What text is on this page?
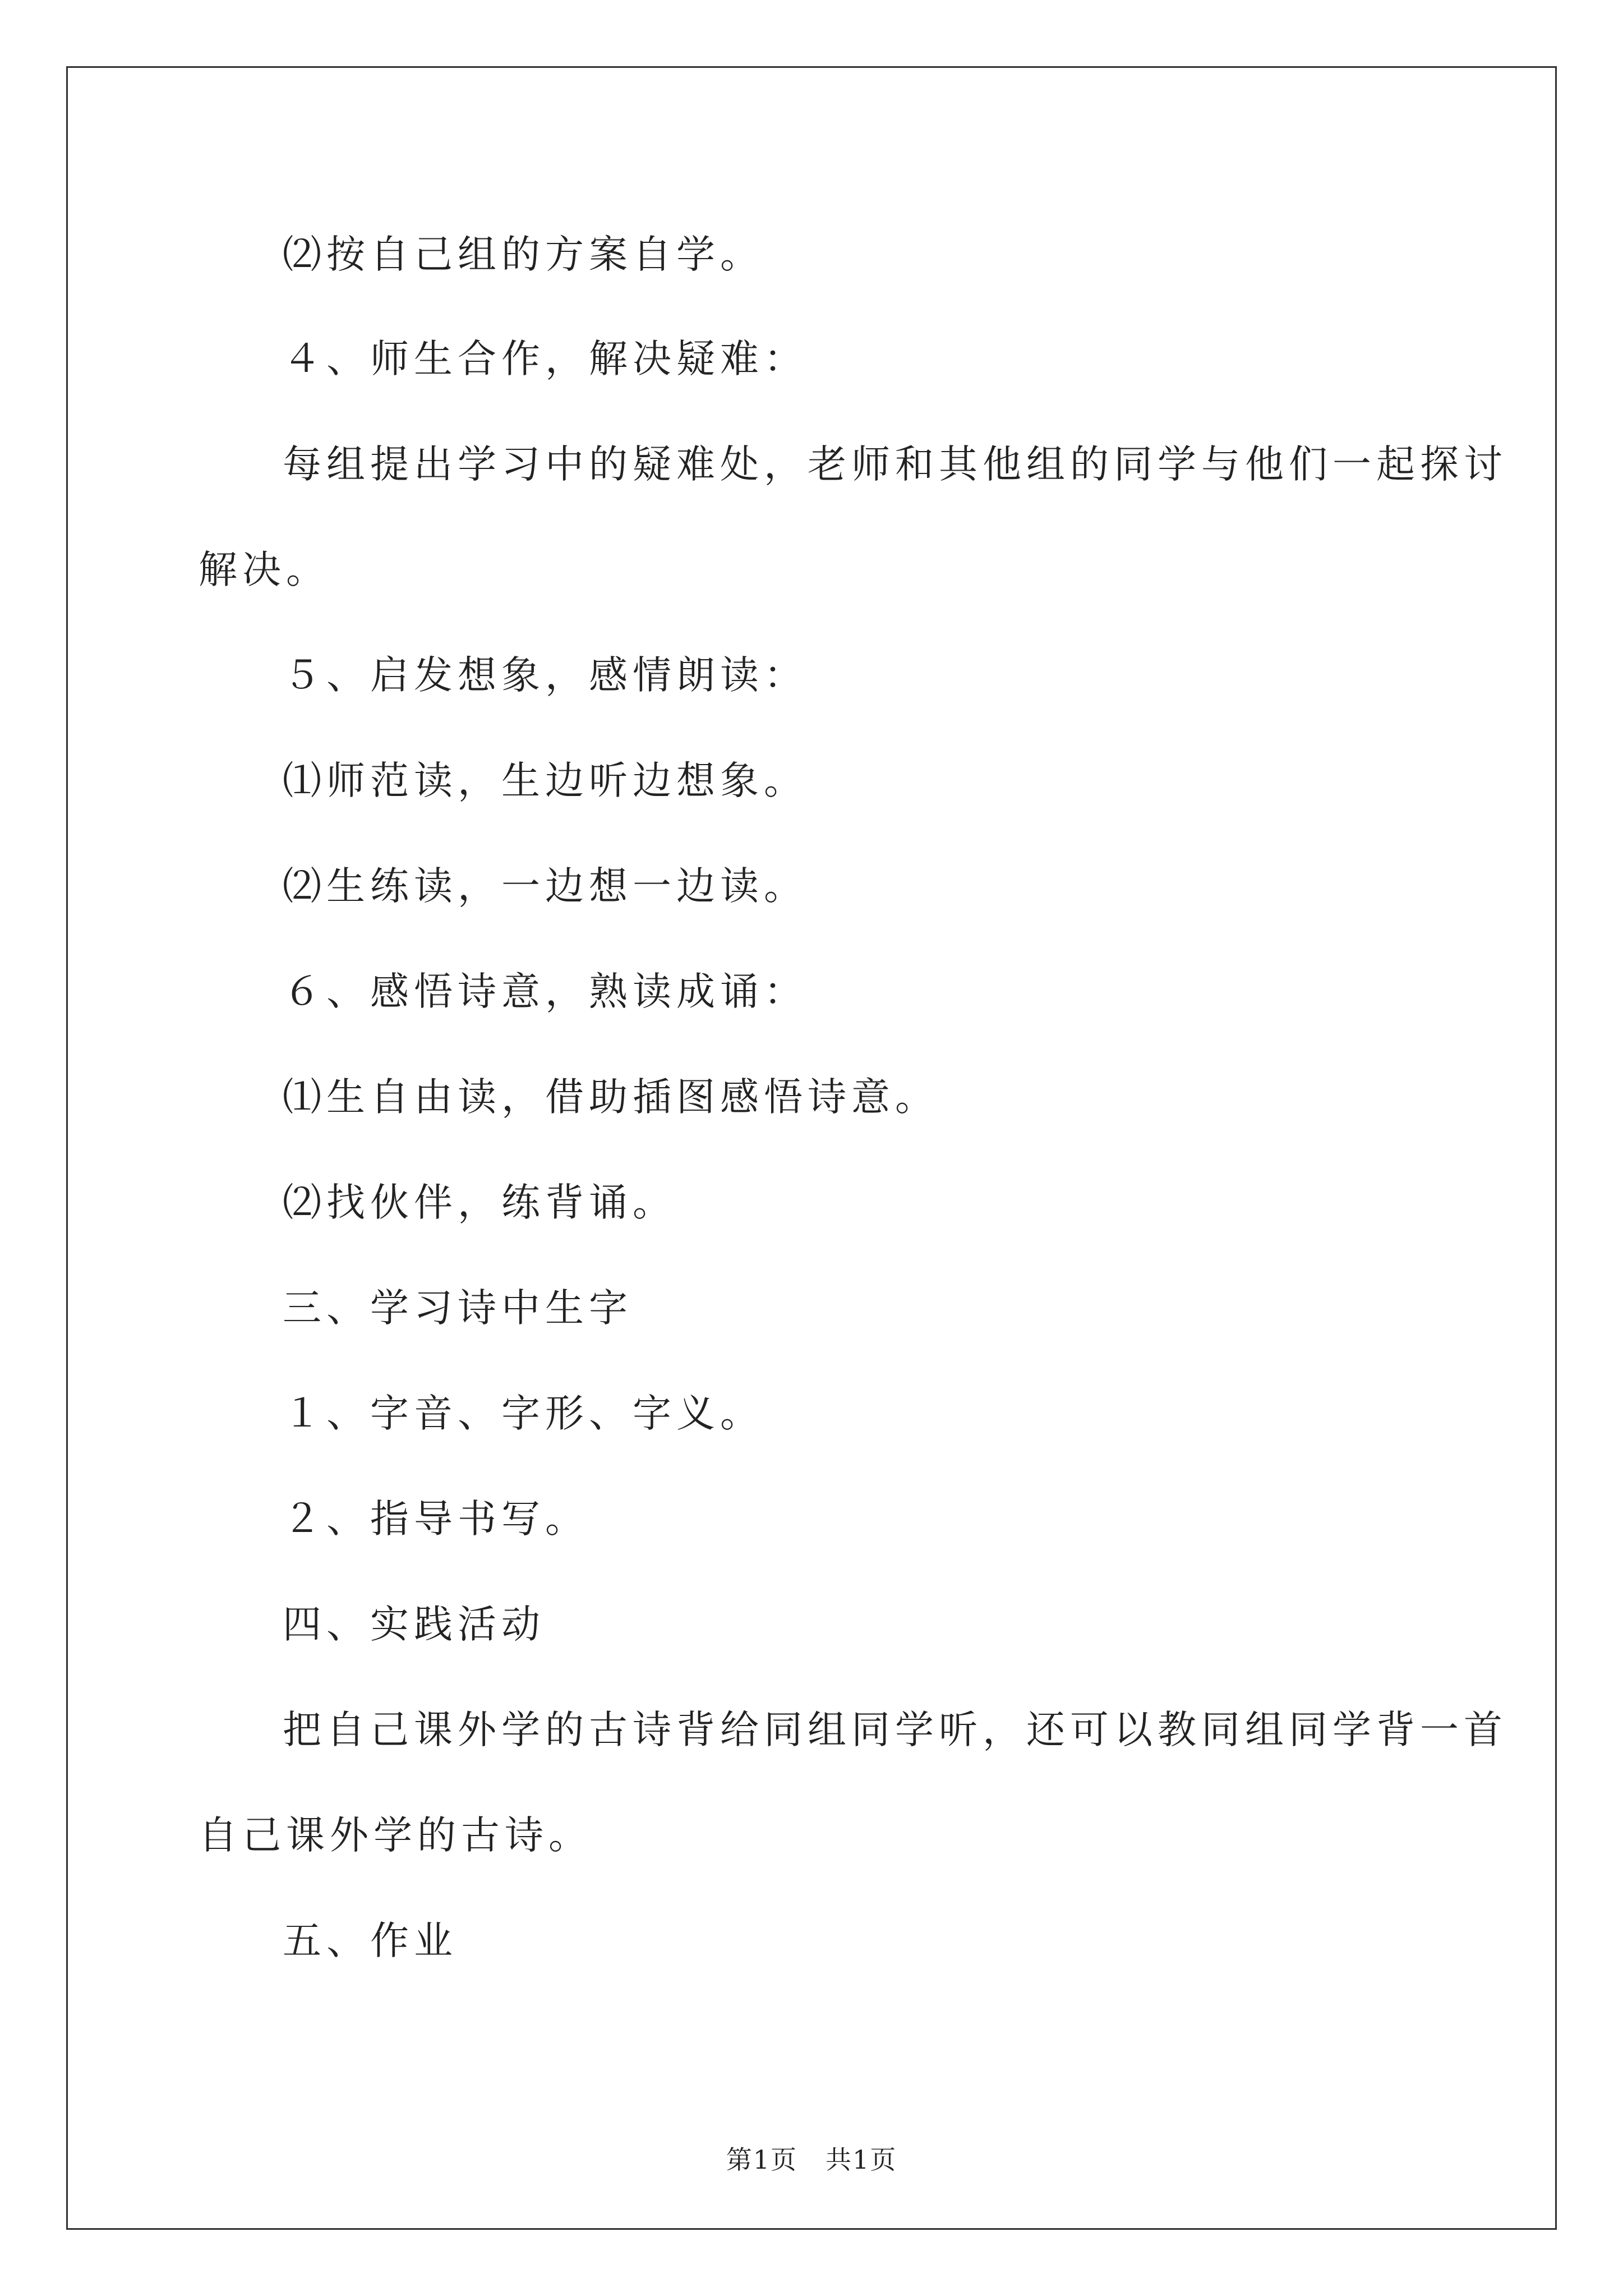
⑵按自己组的方案自学。
４、师生合作，解决疑难：
每组提出学习中的疑难处，老师和其他组的同学与他们一起探讨
解决。
５、启发想象，感情朗读：
⑴师范读，生边听边想象。
⑵生练读，一边想一边读。
６、感悟诗意，熟读成诵：
⑴生自由读，借助插图感悟诗意。
⑵找伙伴，练背诵。
三、学习诗中生字
１、字音、字形、字义。
２、指导书写。
四、实践活动
把自己课外学的古诗背给同组同学听，还可以教同组同学背一首
自己课外学的古诗。
五、作业
第1页 共1页
